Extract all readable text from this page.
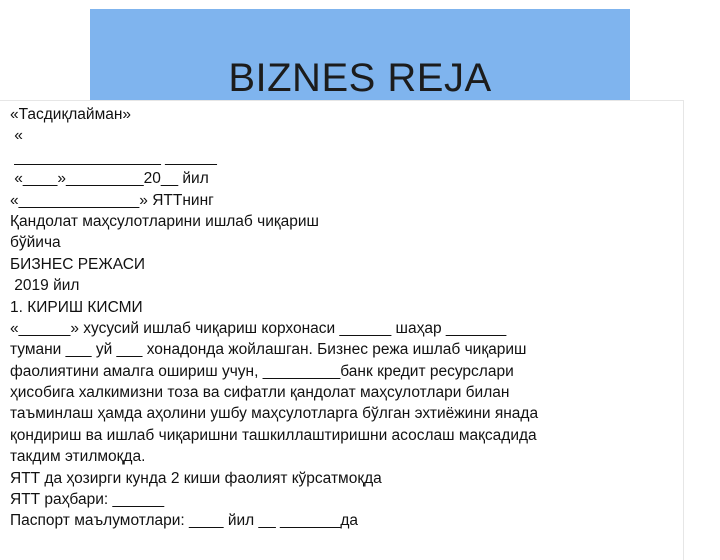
BIZNES REJA
«Тасдиқлайман»
«
_________________ ______
«____»_________20__ йил
«______________» ЯТТнинг
Қандолат маҳсулотларини ишлаб чиқариш
бўйича
БИЗНЕС РЕЖАСИ
2019 йил
1. КИРИШ КИСМИ
«______» хусусий ишлаб чиқариш корхонаси ______ шаҳар _______
тумани ___ уй ___ хонадонда жойлашган. Бизнес режа ишлаб чиқариш
фаолиятини амалга ошириш учун, _________банк кредит ресурслари
ҳисобига халкимизни тоза ва сифатли қандолат маҳсулотлари билан
таъминлаш ҳамда аҳолини ушбу маҳсулотларга бўлган эхтиёжини янада
қондириш ва ишлаб чиқаришни ташкиллаштиришни асослаш мақсадида
такдим этилмоқда.
ЯТТ да ҳозирги кунда 2 киши фаолият кўрсатмоқда
ЯТТ раҳбари: ______
Паспорт маълумотлари: ____ йил __ _______да
